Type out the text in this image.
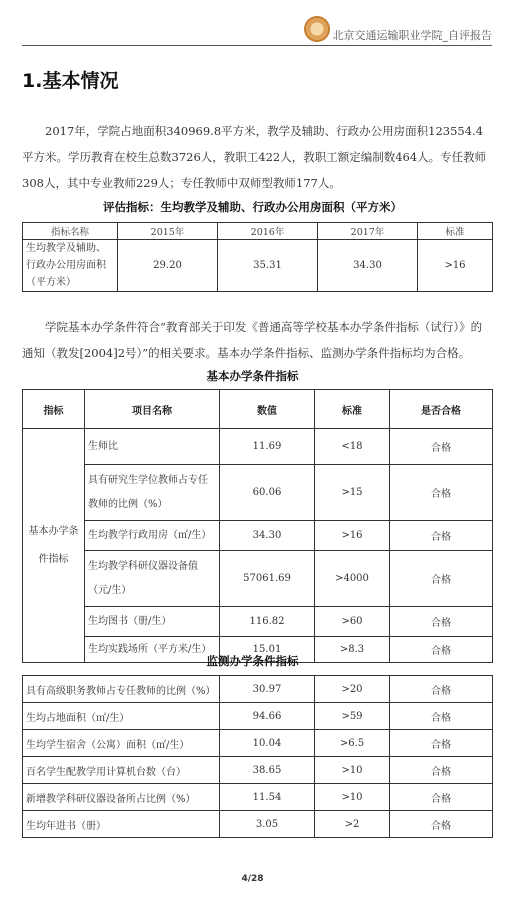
北京交通运输职业学院_自评报告
1.基本情况

2017年，学院占地面积340969.8平方米，教学及辅助、行政办公用房面积123554.4平方米。学历教育在校生总数3726人，教职工422人，教职工额定编制数464人。专任教师308人，其中专业教师229人；专任教师中双师型教师177人。

评估指标：生均教学及辅助、行政办公用房面积（平方米）
指标名称	2015年	2016年	2017年	标准
生均教学及辅助、行政办公用房面积（平方米）	29.20	35.31	34.30	>16

学院基本办学条件符合“教育部关于印发《普通高等学校基本办学条件指标（试行）》的通知（教发[2004]2号）”的相关要求。基本办学条件指标、监测办学条件指标均为合格。

基本办学条件指标
指标	项目名称	数值	标准	是否合格
基本办学条件指标	生师比	11.69	<18	合格
	具有研究生学位教师占专任教师的比例（%）	60.06	>15	合格
	生均教学行政用房（㎡/生）	34.30	>16	合格
	生均教学科研仪器设备值（元/生）	57061.69	>4000	合格
	生均图书（册/生）	116.82	>60	合格
	生均实践场所（平方米/生）	15.01	>8.3	合格
监测办学条件指标
具有高级职务教师占专任教师的比例（%）	30.97	>20	合格
生均占地面积（㎡/生）	94.66	>59	合格
生均学生宿舍（公寓）面积（㎡/生）	10.04	>6.5	合格
百名学生配教学用计算机台数（台）	38.65	>10	合格
新增教学科研仪器设备所占比例（%）	11.54	>10	合格
生均年进书（册）	3.05	>2	合格
4/28
